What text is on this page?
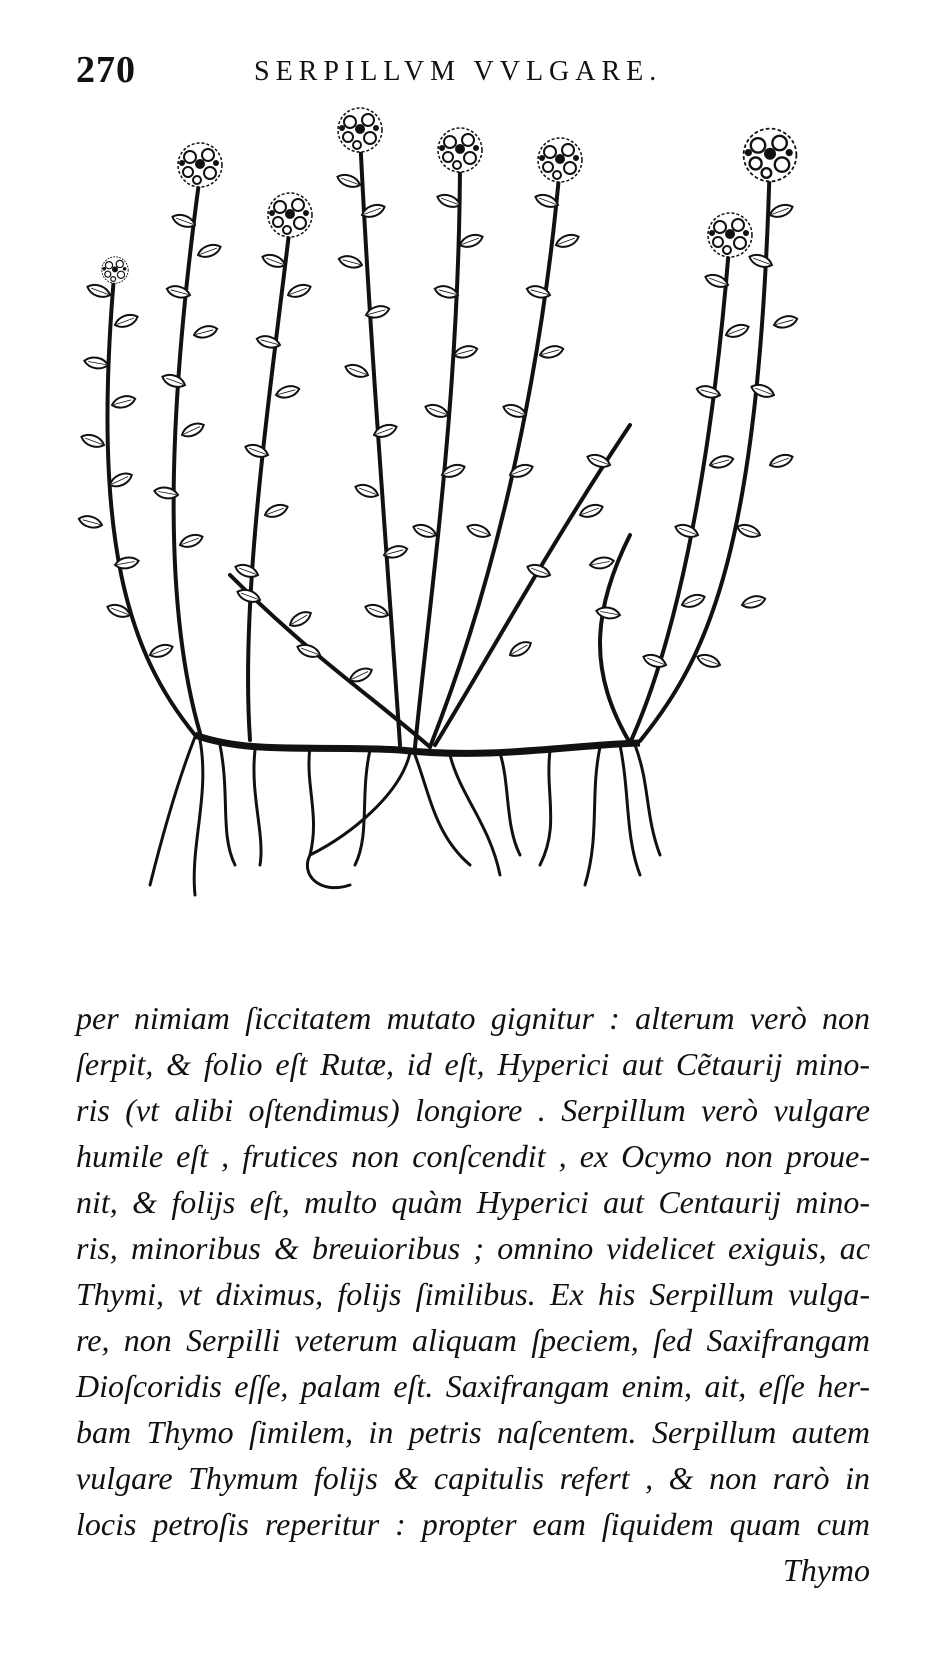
270	SERPILLVM VVLGARE.
per nimiam ſiccitatem mutato gignitur : alterum verò non
ſerpit, & folio eſt Rutæ, id eſt, Hyperici aut Cẽtaurij mino-
ris (vt alibi oſtendimus) longiore . Serpillum verò vulgare
humile eſt , frutices non conſcendit , ex Ocymo non proue-
nit, & folijs eſt, multo quàm Hyperici aut Centaurij mino-
ris, minoribus & breuioribus ; omnino videlicet exiguis, ac
Thymi, vt diximus, folijs ſimilibus. Ex his Serpillum vulga-
re, non Serpilli veterum aliquam ſpeciem, ſed Saxifrangam
Dioſcoridis eſſe, palam eſt. Saxifrangam enim, ait, eſſe her-
bam Thymo ſimilem, in petris naſcentem. Serpillum autem
vulgare Thymum folijs & capitulis refert , & non rarò in
locis petroſis reperitur : propter eam ſiquidem quam cum
Thymo
